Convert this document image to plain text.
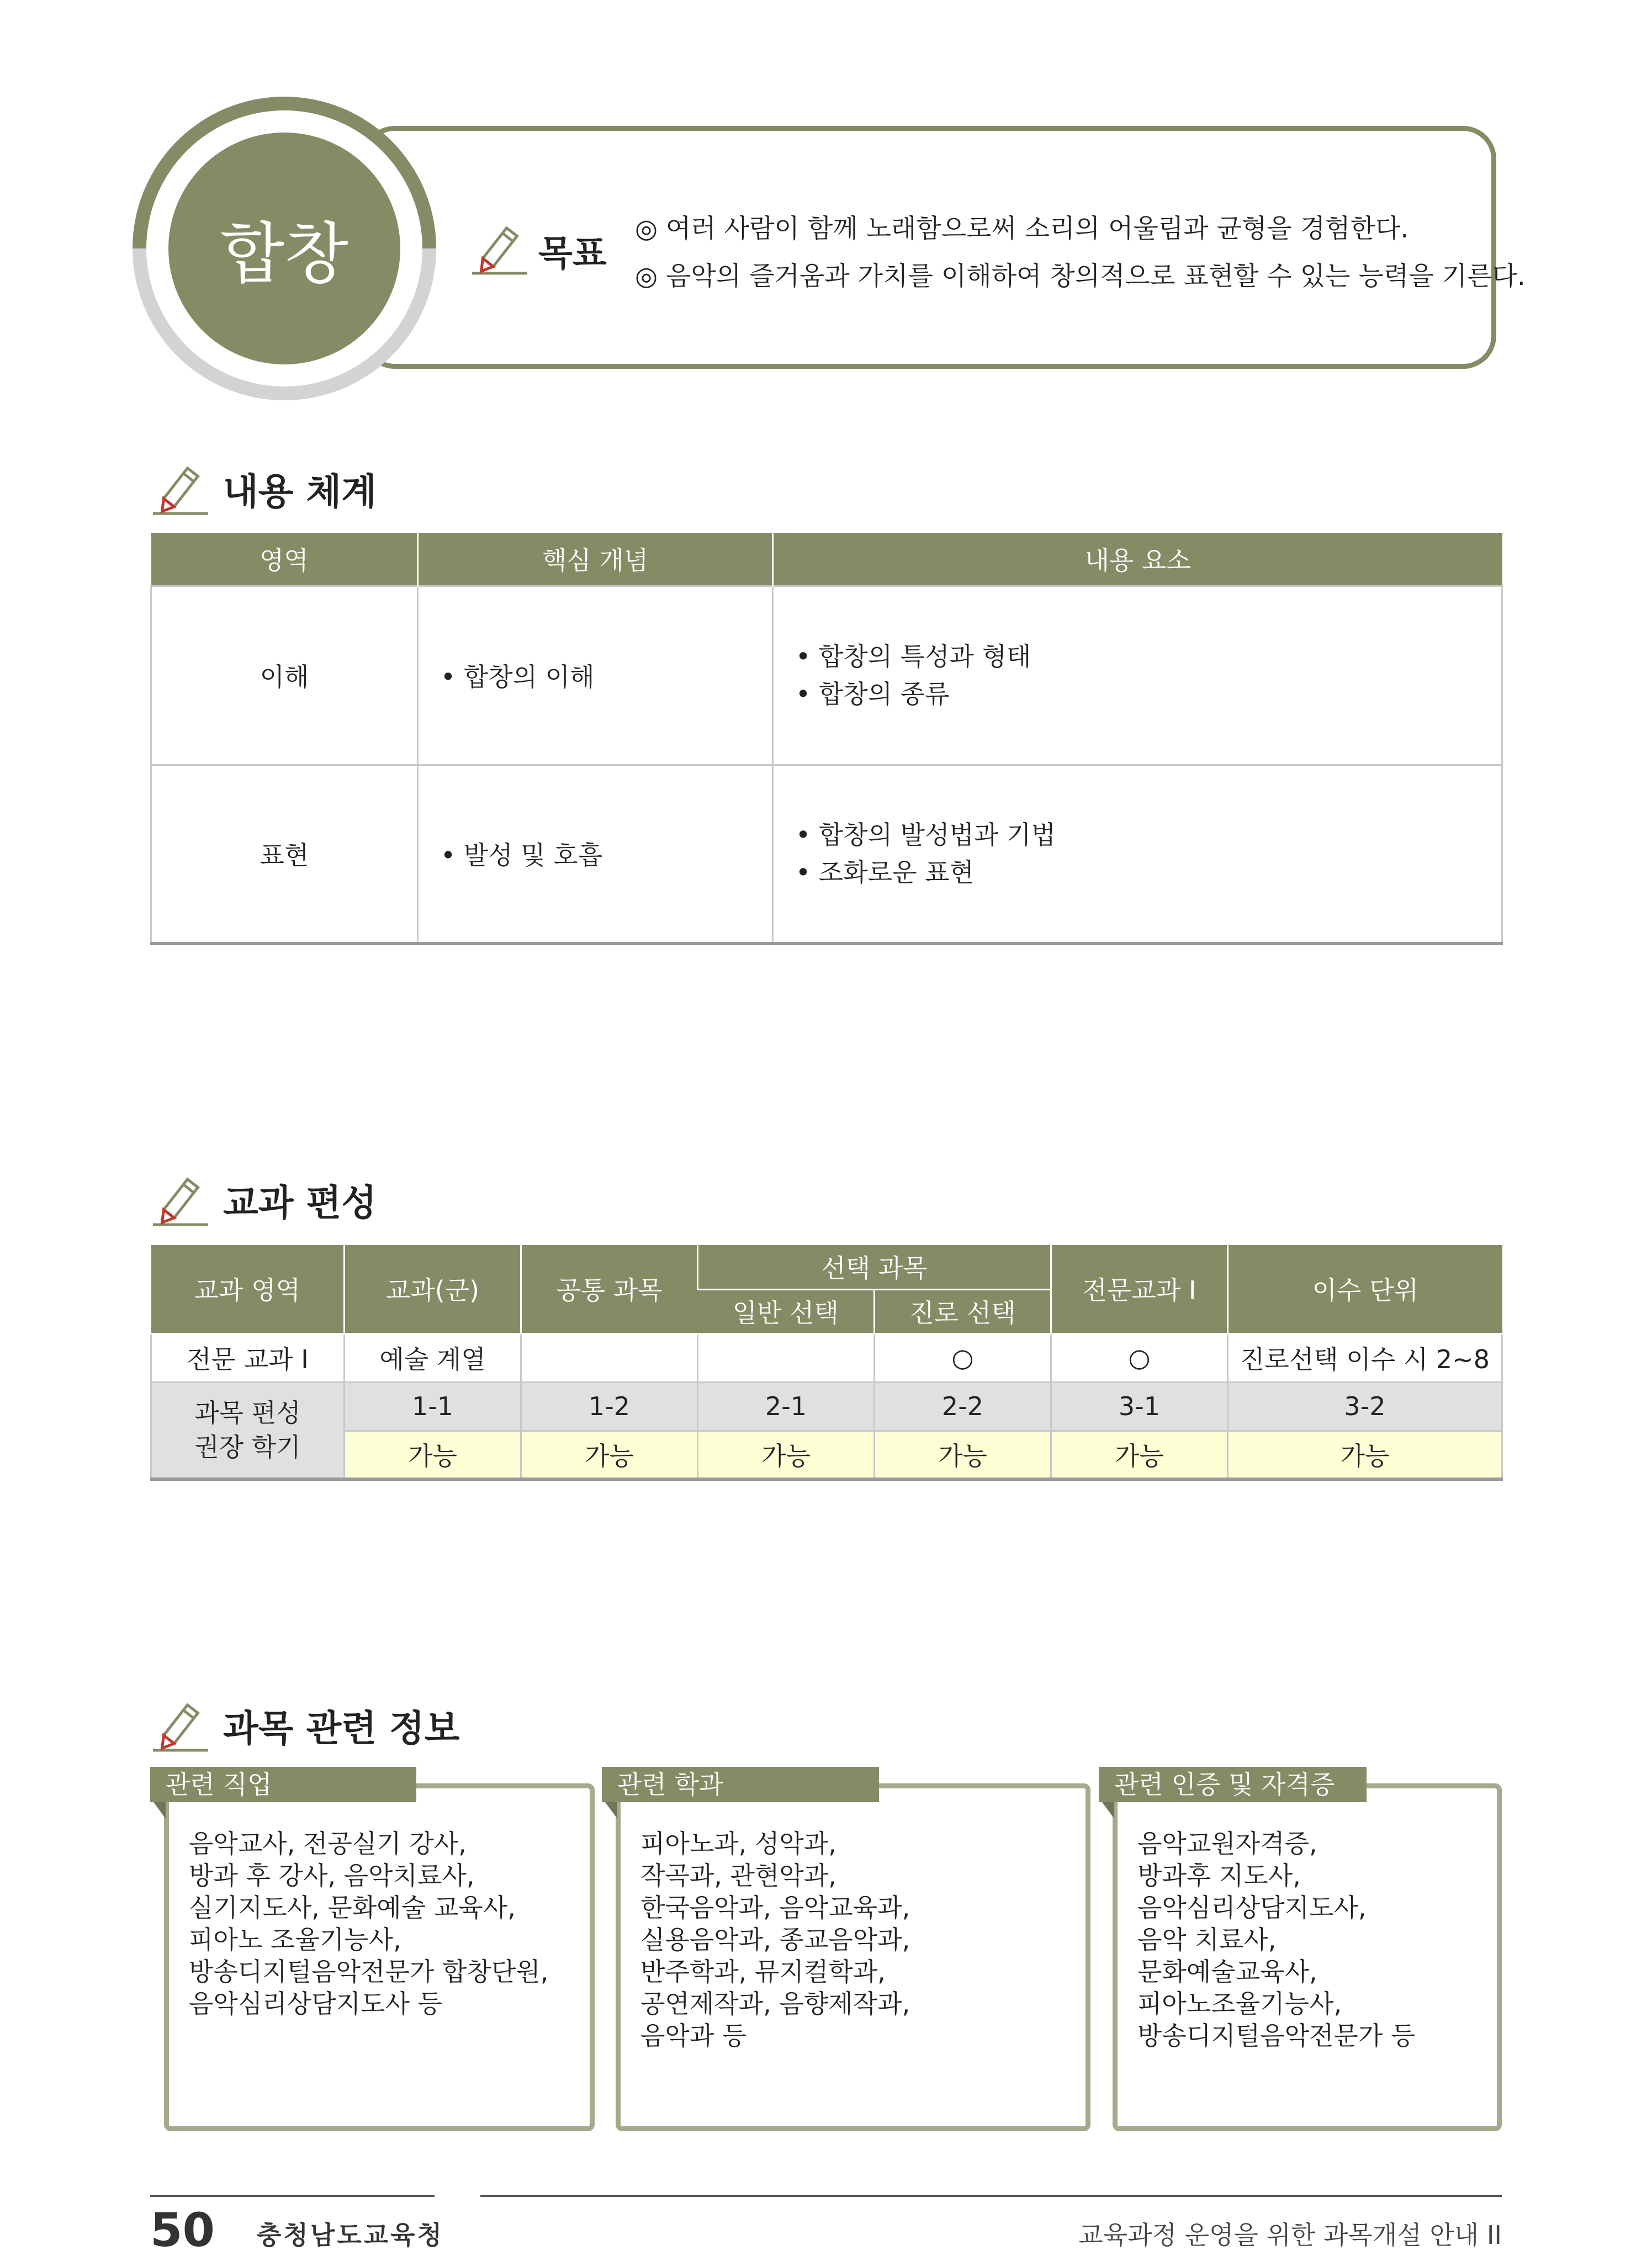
합창	목표
◎ 여러 사람이 함께 노래함으로써 소리의 어울림과 균형을 경험한다.
◎ 음악의 즐거움과 가치를 이해하여 창의적으로 표현할 수 있는 능력을 기른다.
내용 체계
영역	핵심 개념	내용 요소
이해	• 합창의 이해	• 합창의 특성과 형태
• 합창의 종류

표현	• 발성 및 호흡	• 합창의 발성법과 기법
• 조화로운 표현
교과 편성
교과 영역	교과(군)	공통 과목	선택 과목		전문교과 I	이수 단위
			일반 선택	진로 선택		
전문 교과 I	예술 계열			○	○	진로선택 이수 시 2~8
과목 편성
권장 학기	1-1	1-2	2-1	2-2	3-1	3-2
	가능	가능	가능	가능	가능	가능
과목 관련 정보
관련 직업
음악교사, 전공실기 강사,
방과 후 강사, 음악치료사,
실기지도사, 문화예술 교육사,
피아노 조율기능사,
방송디지털음악전문가 합창단원,
음악심리상담지도사 등
관련 학과
피아노과, 성악과,
작곡과, 관현악과,
한국음악과, 음악교육과,
실용음악과, 종교음악과,
반주학과, 뮤지컬학과,
공연제작과, 음향제작과,
음악과 등
관련 인증 및 자격증
음악교원자격증,
방과후 지도사,
음악심리상담지도사,
음악 치료사,
문화예술교육사,
피아노조율기능사,
방송디지털음악전문가 등
50 충청남도교육청	교육과정 운영을 위한 과목개설 안내 II
